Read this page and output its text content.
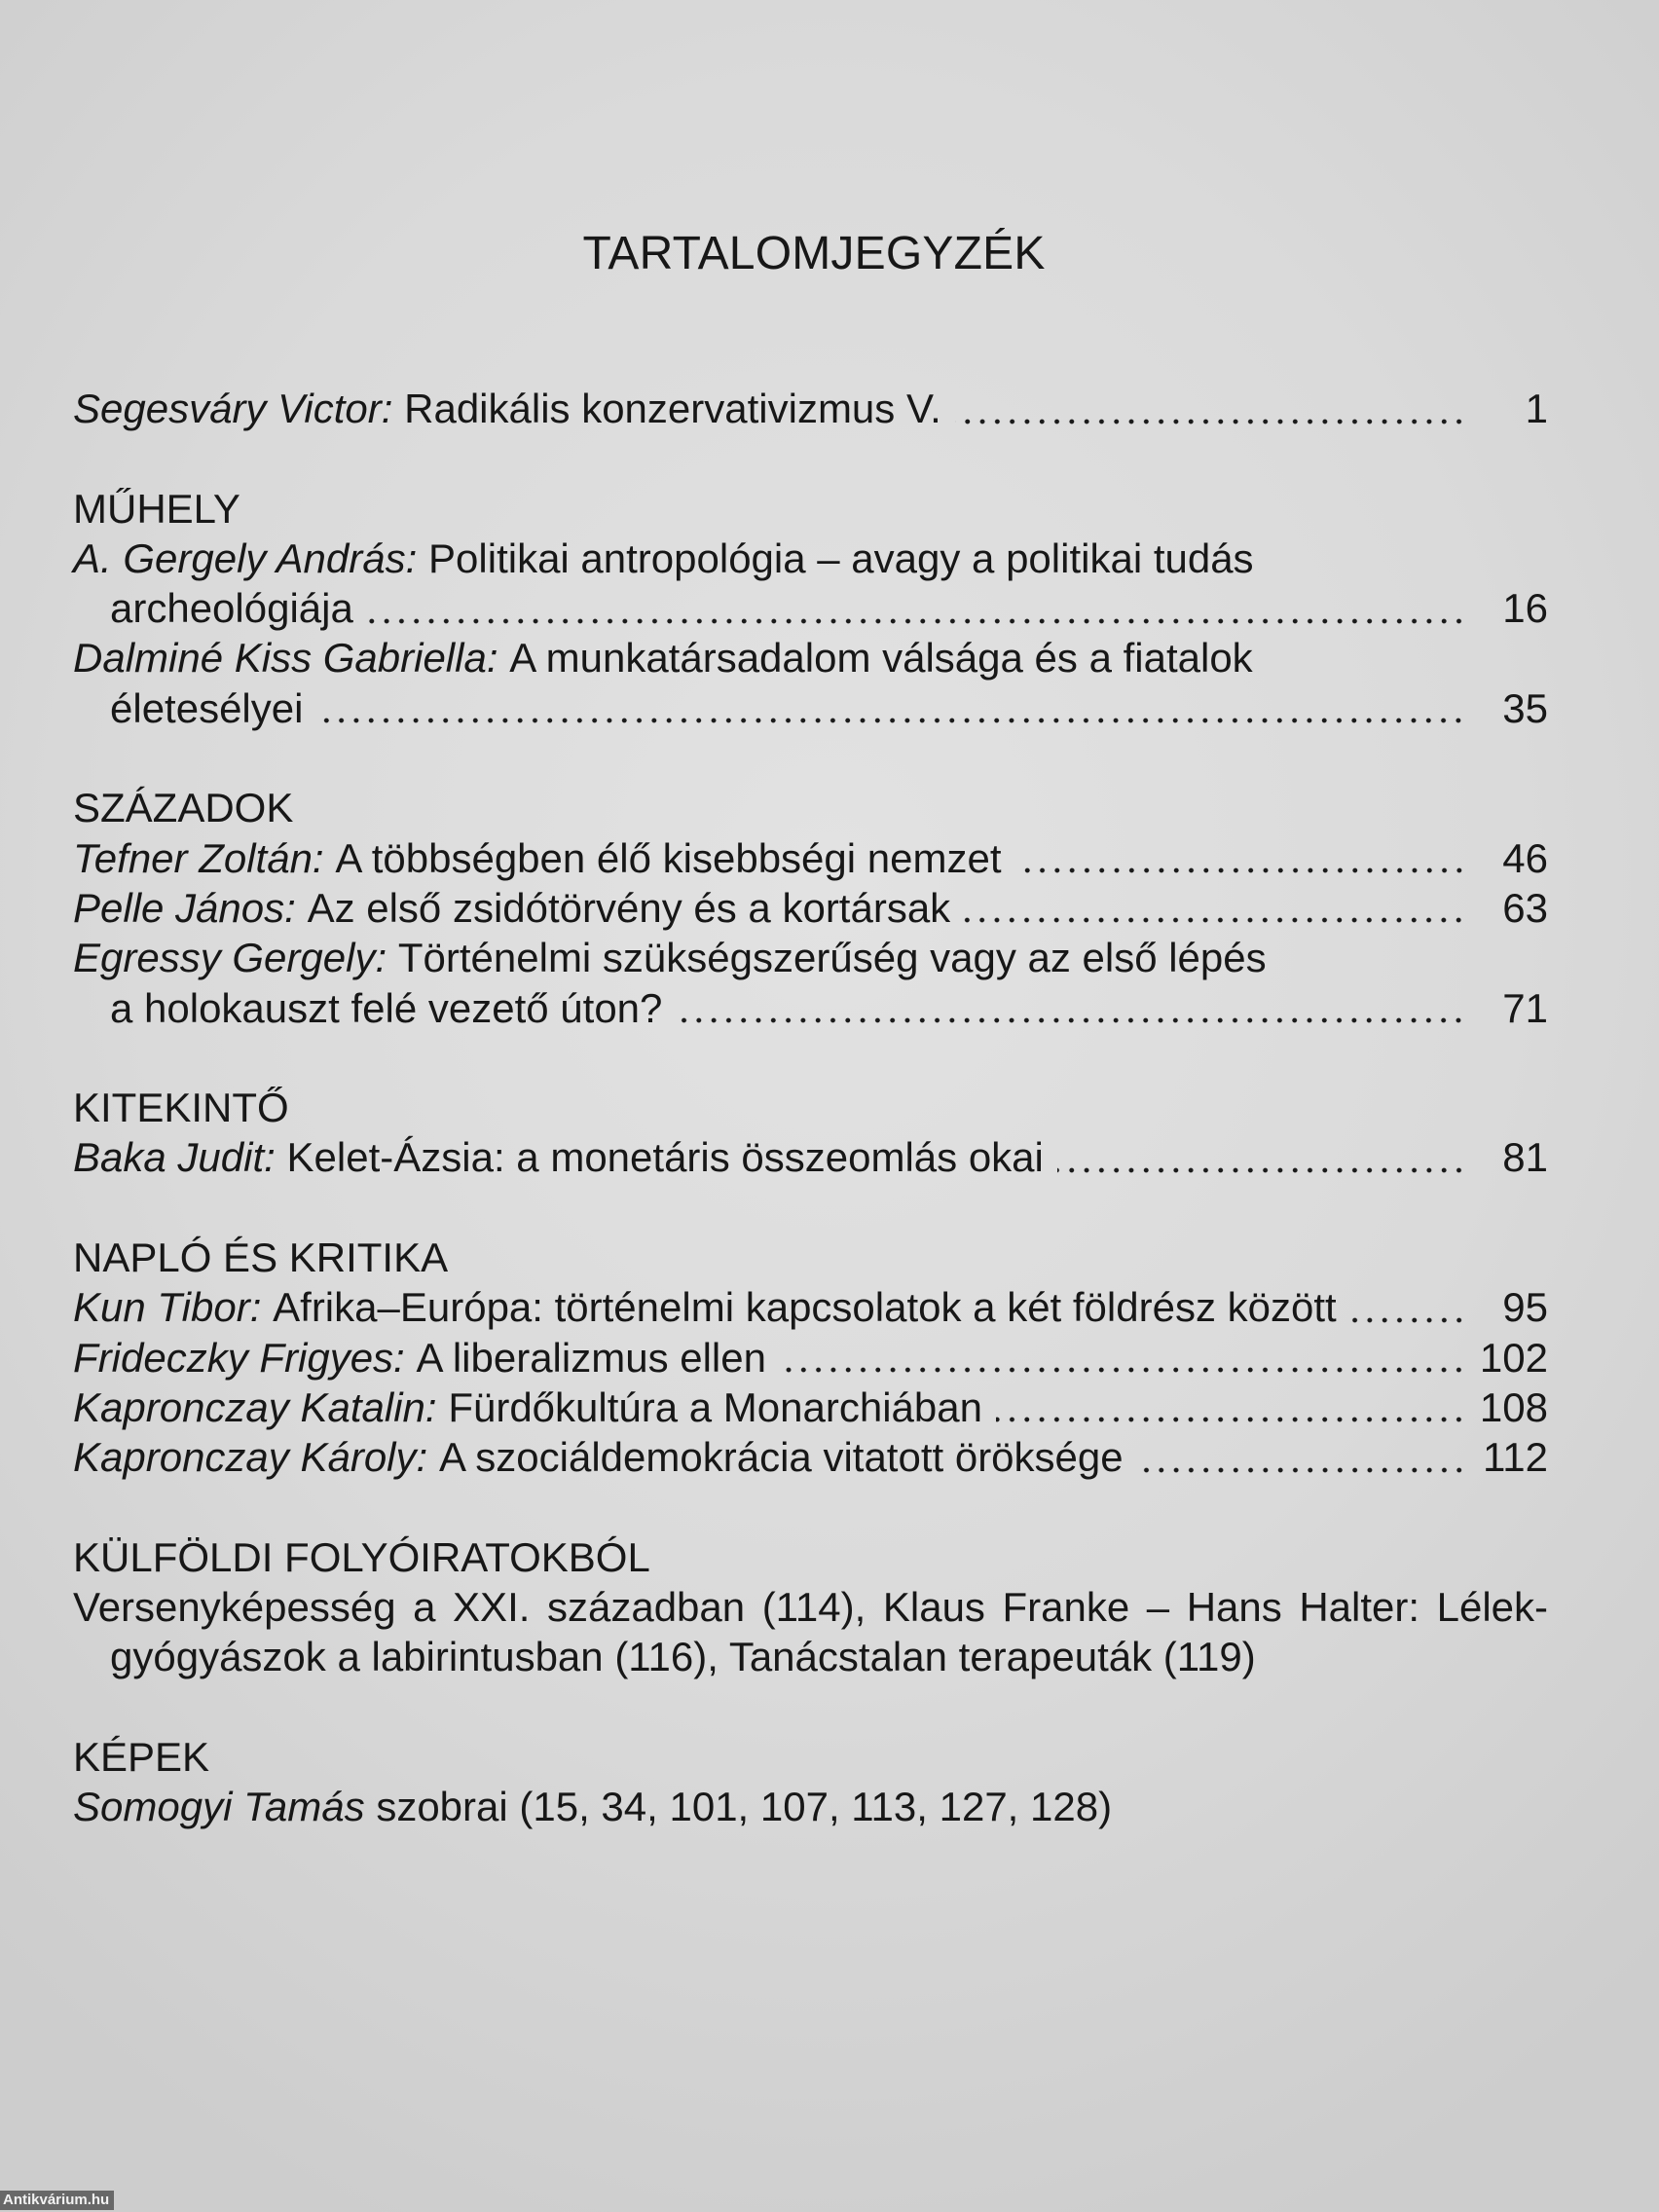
TARTALOMJEGYZÉK
Segesváry Victor: Radikális konzervativizmus V.	1
MŰHELY
A. Gergely András: Politikai antropológia – avagy a politikai tudás
archeológiája	16
Dalminé Kiss Gabriella: A munkatársadalom válsága és a fiatalok
életesélyei	35
SZÁZADOK
Tefner Zoltán: A többségben élő kisebbségi nemzet	46
Pelle János: Az első zsidótörvény és a kortársak	63
Egressy Gergely: Történelmi szükségszerűség vagy az első lépés
a holokauszt felé vezető úton?	71
KITEKINTŐ
Baka Judit: Kelet-Ázsia: a monetáris összeomlás okai	81
NAPLÓ ÉS KRITIKA
Kun Tibor: Afrika–Európa: történelmi kapcsolatok a két földrész között	95
Frideczky Frigyes: A liberalizmus ellen	102
Kapronczay Katalin: Fürdőkultúra a Monarchiában	108
Kapronczay Károly: A szociáldemokrácia vitatott öröksége	112
KÜLFÖLDI FOLYÓIRATOKBÓL
Versenyképesség a XXI. században (114), Klaus Franke – Hans Halter: Lélek-
gyógyászok a labirintusban (116), Tanácstalan terapeuták (119)
KÉPEK
Somogyi Tamás szobrai (15, 34, 101, 107, 113, 127, 128)
Antikvárium.hu
